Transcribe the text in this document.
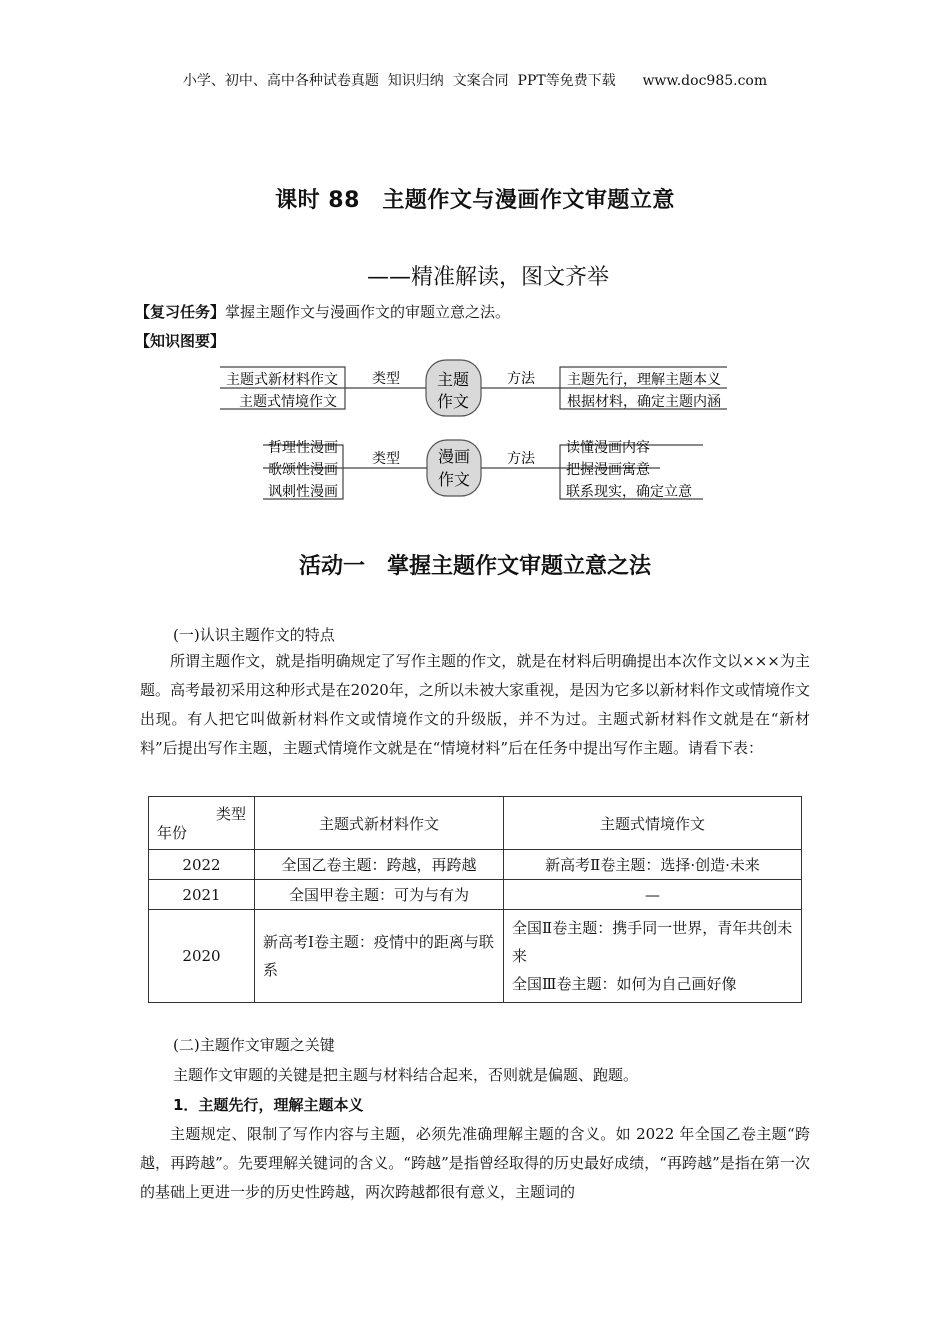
小学、初中、高中各种试卷真题  知识归纳  文案合同  PPT等免费下载      www.doc985.com
课时 88　主题作文与漫画作文审题立意
——精准解读，图文齐举
【复习任务】掌握主题作文与漫画作文的审题立意之法。
【知识图要】
主题
作文
漫画
作文
类型	方法
类型	方法
主题式新材料作文
主题式情境作文
主题先行，理解主题本义
根据材料，确定主题内涵
哲理性漫画
歌颂性漫画
讽刺性漫画
读懂漫画内容
把握漫画寓意
联系现实，确定立意
活动一　掌握主题作文审题立意之法
(一)认识主题作文的特点
所谓主题作文，就是指明确规定了写作主题的作文，就是在材料后明确提出本次作文以×××为主题。高考最初采用这种形式是在2020年，之所以未被大家重视，是因为它多以新材料作文或情境作文出现。有人把它叫做新材料作文或情境作文的升级版，并不为过。主题式新材料作文就是在“新材料”后提出写作主题，主题式情境作文就是在“情境材料”后在任务中提出写作主题。请看下表：
类型
年份	主题式新材料作文	主题式情境作文
2022	全国乙卷主题：跨越，再跨越	新高考Ⅱ卷主题：选择·创造·未来
2021	全国甲卷主题：可为与有为	—
2020	新高考Ⅰ卷主题：疫情中的距离与联系	全国Ⅱ卷主题：携手同一世界，青年共创未来
全国Ⅲ卷主题：如何为自己画好像
(二)主题作文审题之关键
主题作文审题的关键是把主题与材料结合起来，否则就是偏题、跑题。
1．主题先行，理解主题本义
主题规定、限制了写作内容与主题，必须先准确理解主题的含义。如 2022 年全国乙卷主题“跨越，再跨越”。先要理解关键词的含义。“跨越”是指曾经取得的历史最好成绩，“再跨越”是指在第一次的基础上更进一步的历史性跨越，两次跨越都很有意义，主题词的
